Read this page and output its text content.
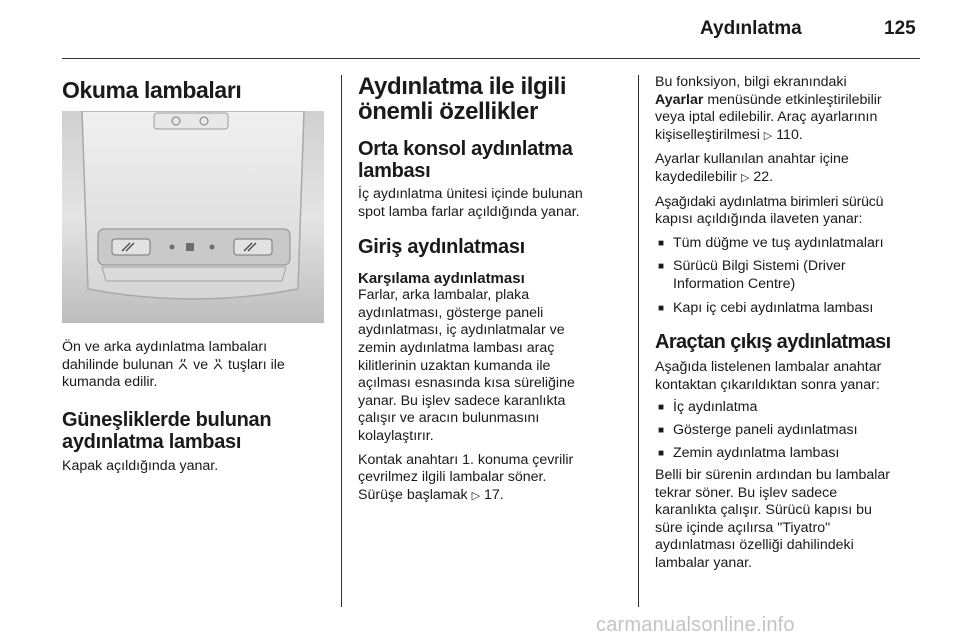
Aydınlatma	125
Okuma lambaları

Ön ve arka aydınlatma lambaları

dahilinde bulunan ve tuşları ile

kumanda edilir.

Güneşliklerde bulunan
aydınlatma lambası

Kapak açıldığında yanar.

Aydınlatma ile ilgili
önemli özellikler
Orta konsol aydınlatma
lambası

İç aydınlatma ünitesi içinde bulunan

spot lamba farlar açıldığında yanar.

Giriş aydınlatması
Karşılama aydınlatması

Farlar, arka lambalar, plaka

aydınlatması, gösterge paneli

aydınlatması, iç aydınlatmalar ve

zemin aydınlatma lambası araç

kilitlerinin uzaktan kumanda ile

açılması esnasında kısa süreliğine

yanar. Bu işlev sadece karanlıkta

çalışır ve aracın bulunmasını

kolaylaştırır.

Kontak anahtarı 1. konuma çevrilir

çevrilmez ilgili lambalar söner.

Sürüşe başlamak ▷ 17.

Bu fonksiyon, bilgi ekranındaki

Ayarlar menüsünde etkinleştirilebilir

veya iptal edilebilir. Araç ayarlarının

kişiselleştirilmesi ▷ 110.

Ayarlar kullanılan anahtar içine

kaydedilebilir ▷ 22.

Aşağıdaki aydınlatma birimleri sürücü

kapısı açıldığında ilaveten yanar:

■ Tüm düğme ve tuş aydınlatmaları
■ Sürücü Bilgi Sistemi (Driver
Information Centre)
■ Kapı iç cebi aydınlatma lambası
Araçtan çıkış aydınlatması

Aşağıda listelenen lambalar anahtar

kontaktan çıkarıldıktan sonra yanar:

■ İç aydınlatma
■ Gösterge paneli aydınlatması
■ Zemin aydınlatma lambası

Belli bir sürenin ardından bu lambalar

tekrar söner. Bu işlev sadece

karanlıkta çalışır. Sürücü kapısı bu

süre içinde açılırsa "Tiyatro"

aydınlatması özelliği dahilindeki

lambalar yanar.

carmanualsonline.info
